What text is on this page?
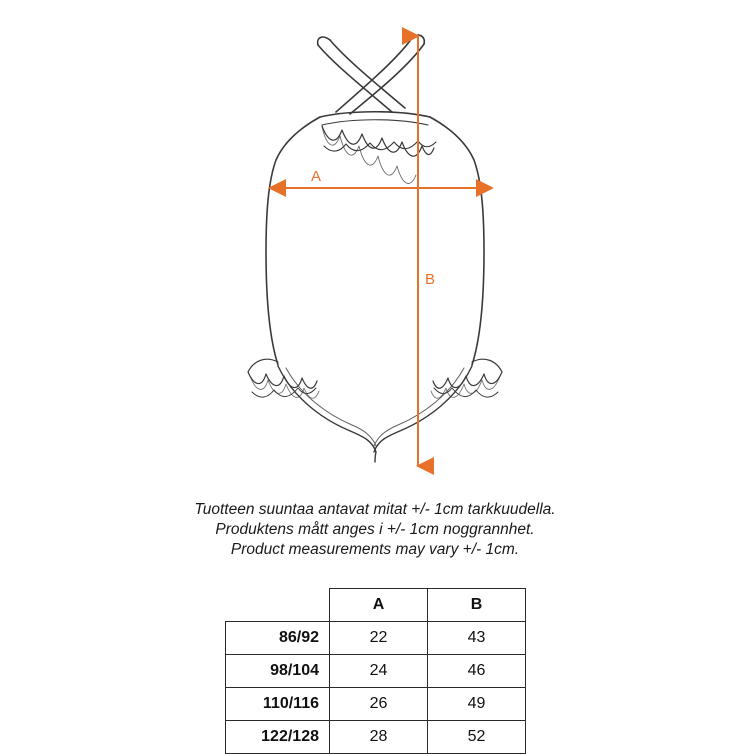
A
B
Tuotteen suuntaa antavat mitat +/- 1cm tarkkuudella.
Produktens mått anges i +/- 1cm noggrannhet.
Product measurements may vary +/- 1cm.
	A	B
86/92	22	43
98/104	24	46
110/116	26	49
122/128	28	52
